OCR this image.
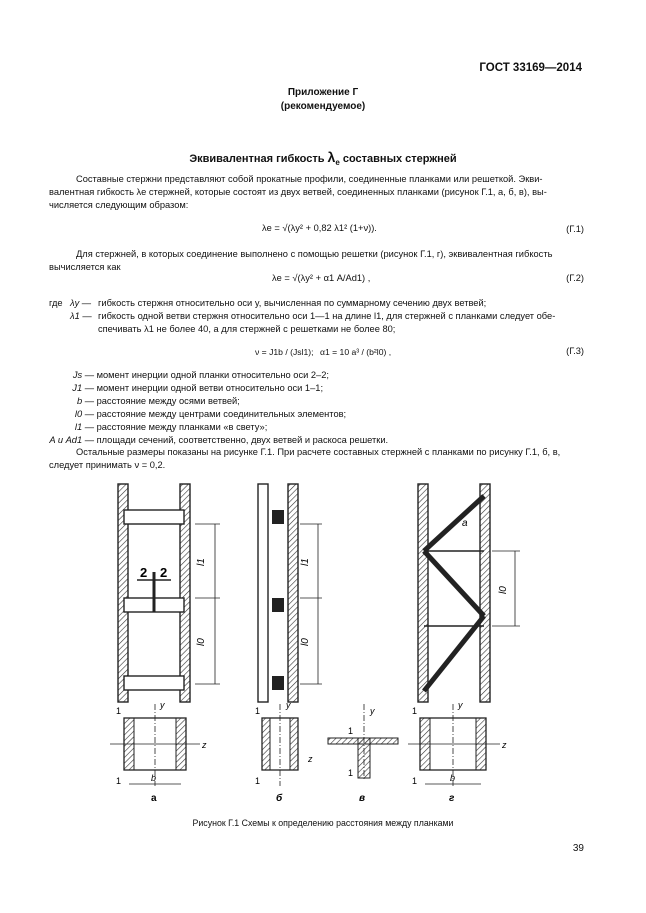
ГОСТ 33169—2014
Приложение Г
(рекомендуемое)
Эквивалентная гибкость $\lambda_e$ составных стержней
Составные стержни представляют собой прокатные профили, соединенные планками или решеткой. Экви-
валентная гибкость λe стержней, которые состоят из двух ветвей, соединенных планками (рисунок Г.1, а, б, в), вы-
числяется следующим образом:
λe = √(λy² + 0,82 λ1² (1+ν)).	(Г.1)
Для стержней, в которых соединение выполнено с помощью решетки (рисунок Г.1, г), эквивалентная гибкость
вычисляется как
λe = √(λy² + α1 A/Ad1) ,	(Г.2)
где λy — гибкость стержня относительно оси y, вычисленная по суммарному сечению двух ветвей;
λ1 — гибкость одной ветви стержня относительно оси 1—1 на длине l1, для стержней с планками следует обе-
спечивать λ1 не более 40, а для стержней с решетками не более 80;
ν = J1b / (Jsl1); α1 = 10 a³ / (b²l0) ,	(Г.3)
Js — момент инерции одной планки относительно оси 2–2;
J1 — момент инерции одной ветви относительно оси 1–1;
b — расстояние между осями ветвей;
l0 — расстояние между центрами соединительных элементов;
l1 — расстояние между планками «в свету»;
A и Ad1 — площади сечений, соответственно, двух ветвей и раскоса решетки.
Остальные размеры показаны на рисунке Г.1. При расчете составных стержней с планками по рисунку Г.1, б, в,
следует принимать ν = 0,2.
2 2
l1
l0
l1
l0
l0
a
y
z
1
1	b
а
y
z
1
1
б
y
1
1
в
y
z
1
1	b
г
Рисунок Г.1 Схемы к определению расстояния между планками
39
